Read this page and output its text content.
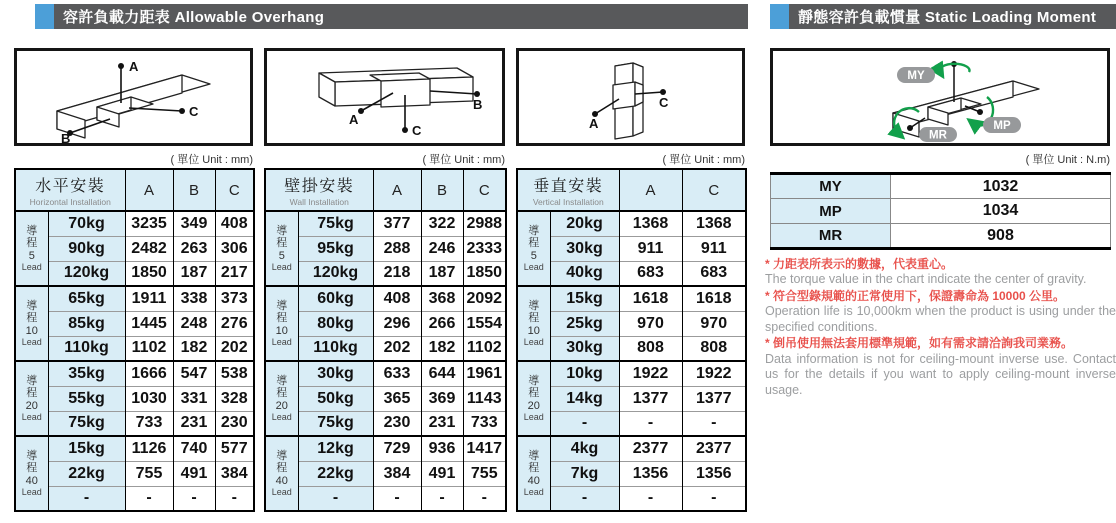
容許負載力距表 Allowable Overhang	靜態容許負載慣量 Static Loading Moment
A
B
C
A
B
C	A
C
MY
MP
MR
( 單位 Unit : mm)	( 單位 Unit : mm)	( 單位 Unit : mm)	( 單位 Unit : N.m)
水平安裝
Horizontal Installation		A	B	C

導
程
5
Lead	70kg	3235	349	408
	90kg	2482	263	306
	120kg	1850	187	217

導
程
10
Lead	65kg	1911	338	373
	85kg	1445	248	276
	110kg	1102	182	202

導
程
20
Lead	35kg	1666	547	538
	55kg	1030	331	328
	75kg	733	231	230

導
程
40
Lead	15kg	1126	740	577
	22kg	755	491	384
	-	-	-	-
壁掛安裝
Wall Installation		A	B	C

導
程
5
Lead	75kg	377	322	2988
	95kg	288	246	2333
	120kg	218	187	1850

導
程
10
Lead	60kg	408	368	2092
	80kg	296	266	1554
	110kg	202	182	1102

導
程
20
Lead	30kg	633	644	1961
	50kg	365	369	1143
	75kg	230	231	733

導
程
40
Lead	12kg	729	936	1417
	22kg	384	491	755
	-	-	-	-
垂直安裝
Vertical Installation		A	C

導
程
5
Lead	20kg	1368	1368
	30kg	911	911
	40kg	683	683

導
程
10
Lead	15kg	1618	1618
	25kg	970	970
	30kg	808	808

導
程
20
Lead	10kg	1922	1922
	14kg	1377	1377
	-	-	-

導
程
40
Lead	4kg	2377	2377
	7kg	1356	1356
	-	-	-
MY	1032
MP	1034
MR	908
* 力距表所表示的數據，代表重心。
The torque value in the chart indicate the center of gravity.
* 符合型錄規範的正常使用下，保證壽命為 10000 公里。
Operation life is 10,000km when the product is using under the specified conditions.
* 倒吊使用無法套用標準規範，如有需求請洽詢我司業務。
Data information is not for ceiling-mount inverse use. Contact us for the details if you want to apply ceiling-mount inverse usage.
